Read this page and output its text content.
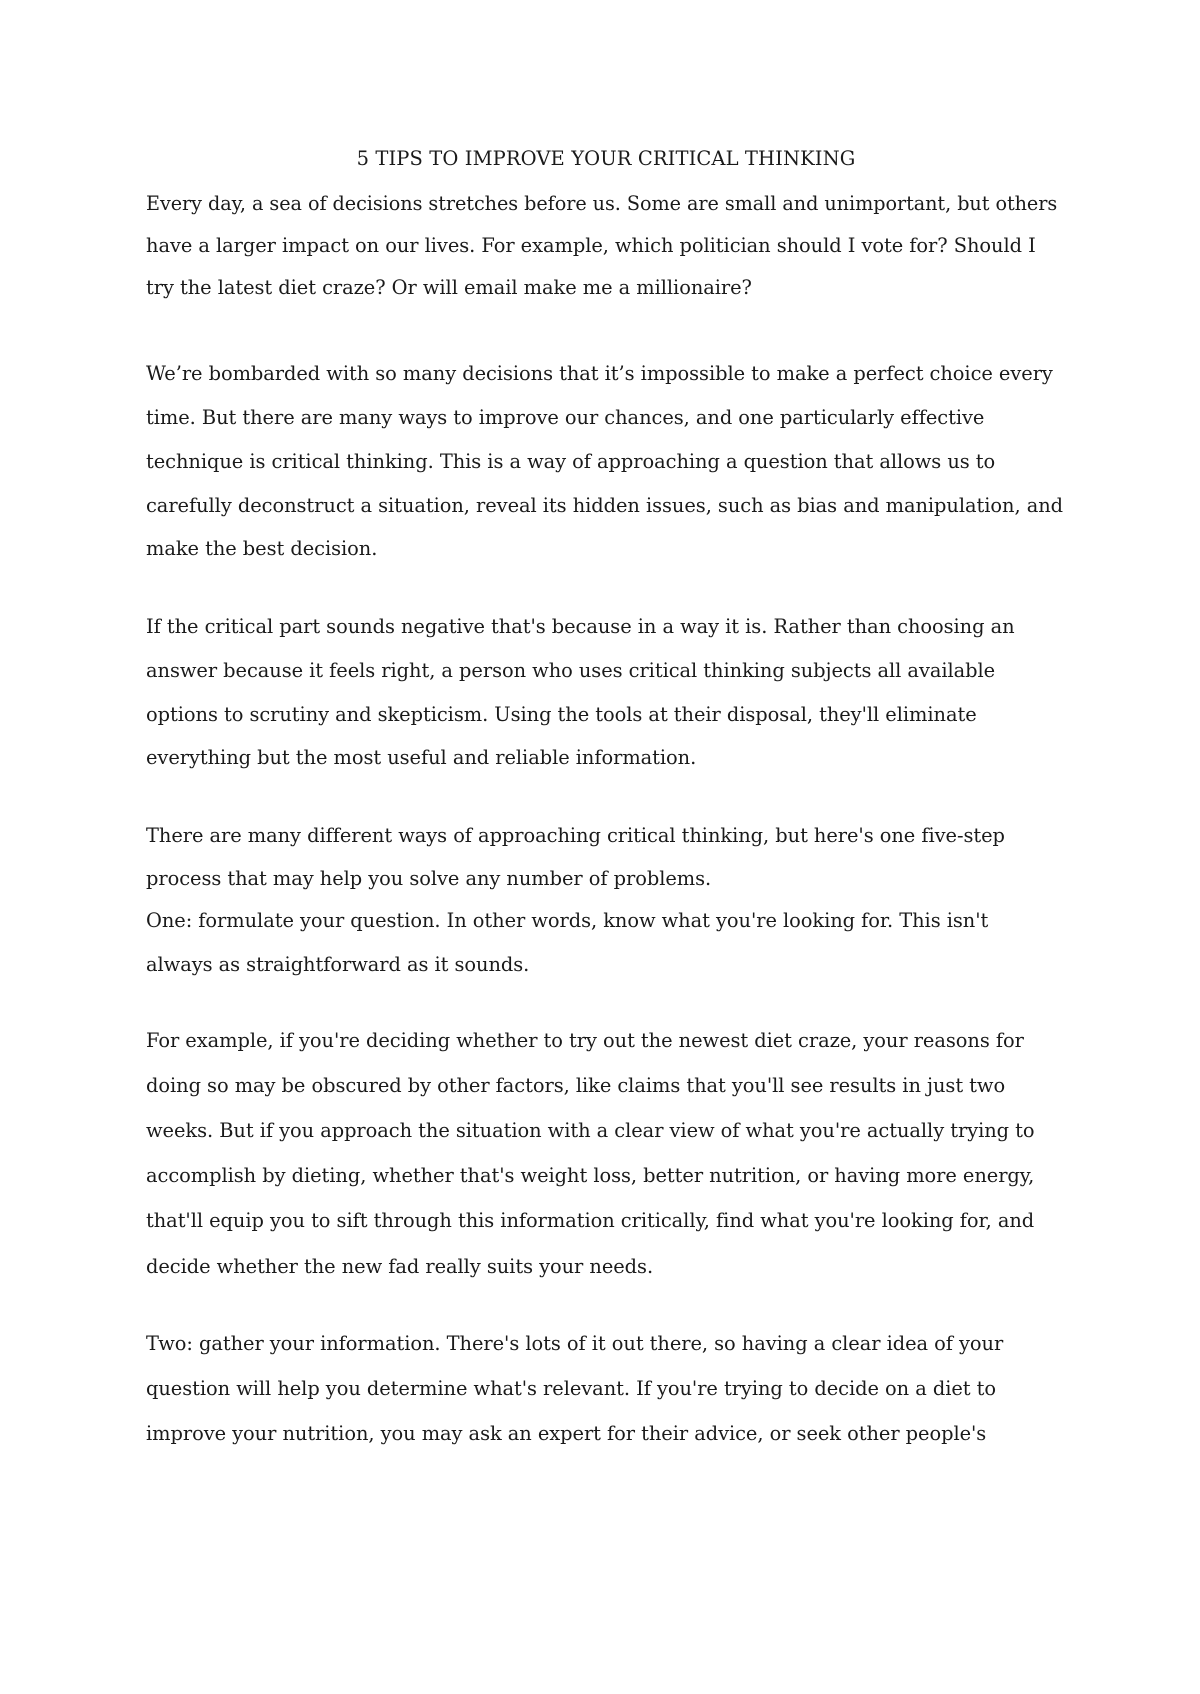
5 TIPS TO IMPROVE YOUR CRITICAL THINKING
Every day, a sea of decisions stretches before us. Some are small and unimportant, but others
have a larger impact on our lives. For example, which politician should I vote for? Should I
try the latest diet craze? Or will email make me a millionaire?
We’re bombarded with so many decisions that it’s impossible to make a perfect choice every
time. But there are many ways to improve our chances, and one particularly effective
technique is critical thinking. This is a way of approaching a question that allows us to
carefully deconstruct a situation, reveal its hidden issues, such as bias and manipulation, and
make the best decision.
If the critical part sounds negative that's because in a way it is. Rather than choosing an
answer because it feels right, a person who uses critical thinking subjects all available
options to scrutiny and skepticism. Using the tools at their disposal, they'll eliminate
everything but the most useful and reliable information.
There are many different ways of approaching critical thinking, but here's one five-step
process that may help you solve any number of problems.
One: formulate your question. In other words, know what you're looking for. This isn't
always as straightforward as it sounds.
For example, if you're deciding whether to try out the newest diet craze, your reasons for
doing so may be obscured by other factors, like claims that you'll see results in just two
weeks. But if you approach the situation with a clear view of what you're actually trying to
accomplish by dieting, whether that's weight loss, better nutrition, or having more energy,
that'll equip you to sift through this information critically, find what you're looking for, and
decide whether the new fad really suits your needs.
Two: gather your information. There's lots of it out there, so having a clear idea of your
question will help you determine what's relevant. If you're trying to decide on a diet to
improve your nutrition, you may ask an expert for their advice, or seek other people's
